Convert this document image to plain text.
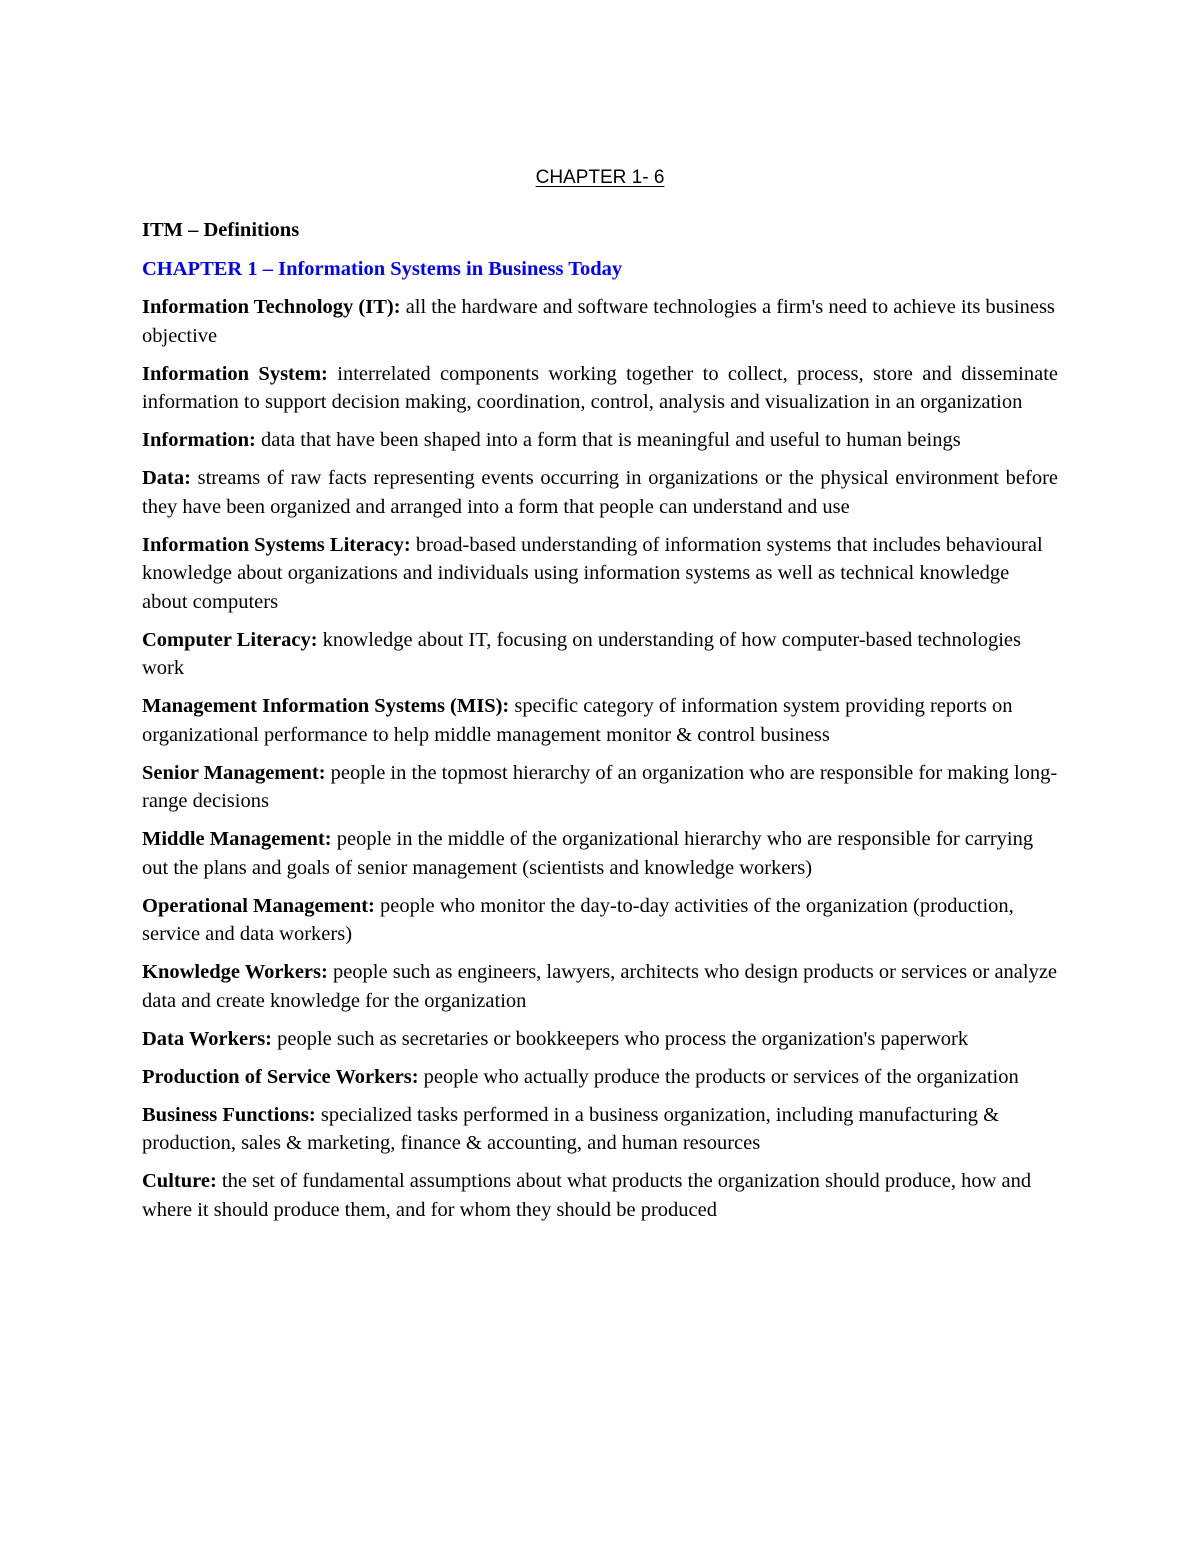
CHAPTER 1- 6

ITM – Definitions

CHAPTER 1 – Information Systems in Business Today

Information Technology (IT): all the hardware and software technologies a firm's need to achieve its business objective

Information System: interrelated components working together to collect, process, store and disseminate information to support decision making, coordination, control, analysis and visualization in an organization

Information: data that have been shaped into a form that is meaningful and useful to human beings

Data: streams of raw facts representing events occurring in organizations or the physical environment before they have been organized and arranged into a form that people can understand and use

Information Systems Literacy: broad-based understanding of information systems that includes behavioural knowledge about organizations and individuals using information systems as well as technical knowledge about computers

Computer Literacy: knowledge about IT, focusing on understanding of how computer-based technologies work

Management Information Systems (MIS): specific category of information system providing reports on organizational performance to help middle management monitor & control business

Senior Management: people in the topmost hierarchy of an organization who are responsible for making long-range decisions

Middle Management: people in the middle of the organizational hierarchy who are responsible for carrying out the plans and goals of senior management (scientists and knowledge workers)

Operational Management: people who monitor the day-to-day activities of the organization (production, service and data workers)

Knowledge Workers: people such as engineers, lawyers, architects who design products or services or analyze data and create knowledge for the organization

Data Workers: people such as secretaries or bookkeepers who process the organization's paperwork

Production of Service Workers: people who actually produce the products or services of the organization

Business Functions: specialized tasks performed in a business organization, including manufacturing & production, sales & marketing, finance & accounting, and human resources

Culture: the set of fundamental assumptions about what products the organization should produce, how and where it should produce them, and for whom they should be produced
